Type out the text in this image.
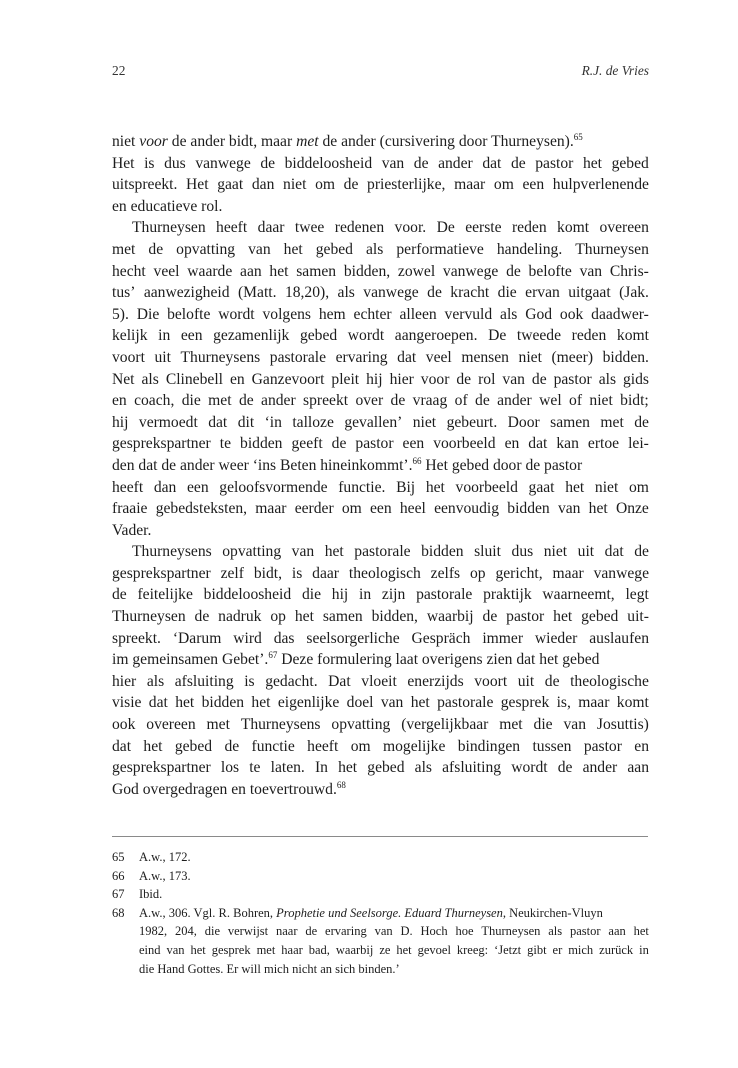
22	R.J. de Vries
niet voor de ander bidt, maar met de ander (cursivering door Thurneysen).$^{65}$
Het is dus vanwege de biddeloosheid van de ander dat de pastor het gebed
uitspreekt. Het gaat dan niet om de priesterlijke, maar om een hulpverlenende
en educatieve rol.
Thurneysen heeft daar twee redenen voor. De eerste reden komt overeen
met de opvatting van het gebed als performatieve handeling. Thurneysen
hecht veel waarde aan het samen bidden, zowel vanwege de belofte van Chris-
tus’ aanwezigheid (Matt. 18,20), als vanwege de kracht die ervan uitgaat (Jak.
5). Die belofte wordt volgens hem echter alleen vervuld als God ook daadwer-
kelijk in een gezamenlijk gebed wordt aangeroepen. De tweede reden komt
voort uit Thurneysens pastorale ervaring dat veel mensen niet (meer) bidden.
Net als Clinebell en Ganzevoort pleit hij hier voor de rol van de pastor als gids
en coach, die met de ander spreekt over de vraag of de ander wel of niet bidt;
hij vermoedt dat dit ‘in talloze gevallen’ niet gebeurt. Door samen met de
gesprekspartner te bidden geeft de pastor een voorbeeld en dat kan ertoe lei-
den dat de ander weer ‘ins Beten hineinkommt’.$^{66}$ Het gebed door de pastor
heeft dan een geloofsvormende functie. Bij het voorbeeld gaat het niet om
fraaie gebedsteksten, maar eerder om een heel eenvoudig bidden van het Onze
Vader.
Thurneysens opvatting van het pastorale bidden sluit dus niet uit dat de
gesprekspartner zelf bidt, is daar theologisch zelfs op gericht, maar vanwege
de feitelijke biddeloosheid die hij in zijn pastorale praktijk waarneemt, legt
Thurneysen de nadruk op het samen bidden, waarbij de pastor het gebed uit-
spreekt. ‘Darum wird das seelsorgerliche Gespräch immer wieder auslaufen
im gemeinsamen Gebet’.$^{67}$ Deze formulering laat overigens zien dat het gebed
hier als afsluiting is gedacht. Dat vloeit enerzijds voort uit de theologische
visie dat het bidden het eigenlijke doel van het pastorale gesprek is, maar komt
ook overeen met Thurneysens opvatting (vergelijkbaar met die van Josuttis)
dat het gebed de functie heeft om mogelijke bindingen tussen pastor en
gesprekspartner los te laten. In het gebed als afsluiting wordt de ander aan
God overgedragen en toevertrouwd.$^{68}$
65	A.w., 172.
66	A.w., 173.
67	Ibid.
68	A.w., 306. Vgl. R. Bohren, Prophetie und Seelsorge. Eduard Thurneysen, Neukirchen-Vluyn
1982, 204, die verwijst naar de ervaring van D. Hoch hoe Thurneysen als pastor aan het
eind van het gesprek met haar bad, waarbij ze het gevoel kreeg: ‘Jetzt gibt er mich zurück in
die Hand Gottes. Er will mich nicht an sich binden.’
